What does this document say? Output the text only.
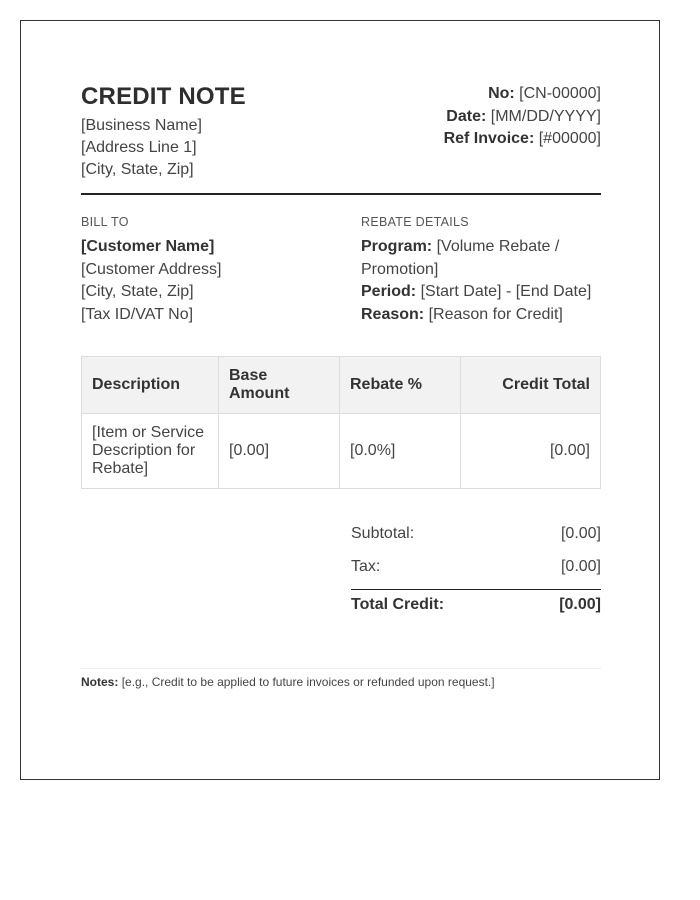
CREDIT NOTE
[Business Name]
[Address Line 1]
[City, State, Zip]
No: [CN-00000]
Date: [MM/DD/YYYY]
Ref Invoice: [#00000]
BILL TO
[Customer Name]
[Customer Address]
[City, State, Zip]
[Tax ID/VAT No]
REBATE DETAILS
Program: [Volume Rebate / Promotion]
Period: [Start Date] - [End Date]
Reason: [Reason for Credit]
Description	Base Amount	Rebate %	Credit Total
[Item or Service Description for Rebate]	[0.00]	[0.0%]	[0.00]
Subtotal:	[0.00]
Tax:	[0.00]
Total Credit:	[0.00]
Notes: [e.g., Credit to be applied to future invoices or refunded upon request.]
